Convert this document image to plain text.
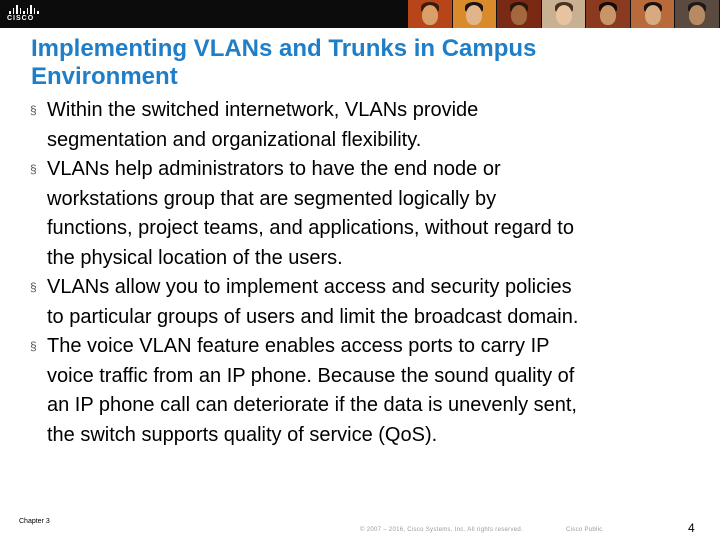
CISCO
Implementing VLANs and Trunks in Campus
Environment
§ Within the switched internetwork, VLANs provide
segmentation and organizational flexibility.
§ VLANs help administrators to have the end node or
workstations group that are segmented logically by
functions, project teams, and applications, without regard to
the physical location of the users.
§ VLANs allow you to implement access and security policies
to particular groups of users and limit the broadcast domain.
§ The voice VLAN feature enables access ports to carry IP
voice traffic from an IP phone. Because the sound quality of
an IP phone call can deteriorate if the data is unevenly sent,
the switch supports quality of service (QoS).
Chapter 3
© 2007 – 2016, Cisco Systems, Inc. All rights reserved.	Cisco Public	4
